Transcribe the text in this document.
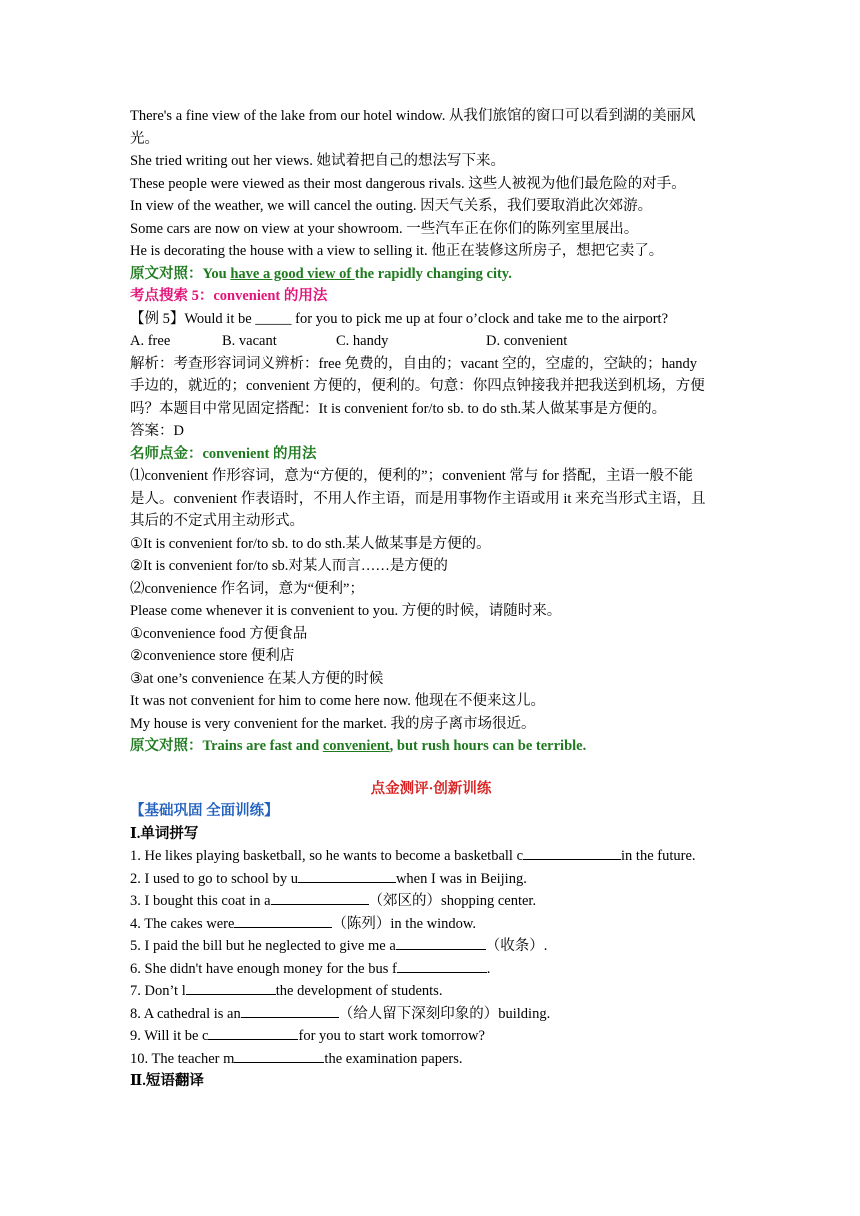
There's a fine view of the lake from our hotel window. 从我们旅馆的窗口可以看到湖的美丽风
光。
She tried writing out her views. 她试着把自己的想法写下来。
These people were viewed as their most dangerous rivals. 这些人被视为他们最危险的对手。
In view of the weather, we will cancel the outing. 因天气关系，我们要取消此次郊游。
Some cars are now on view at your showroom. 一些汽车正在你们的陈列室里展出。
He is decorating the house with a view to selling it. 他正在装修这所房子，想把它卖了。
原文对照：You have a good view of the rapidly changing city.
考点搜索 5：convenient 的用法
【例 5】Would it be _____ for you to pick me up at four o’clock and take me to the airport?
A. free	B. vacant	C. handy	D. convenient
解析：考查形容词词义辨析：free 免费的，自由的；vacant 空的，空虚的，空缺的；handy
手边的，就近的；convenient 方便的，便利的。句意：你四点钟接我并把我送到机场，方便
吗？本题目中常见固定搭配：It is convenient for/to sb. to do sth.某人做某事是方便的。
答案：D
名师点金：convenient 的用法
⑴convenient 作形容词，意为“方便的，便利的”；convenient 常与 for 搭配，主语一般不能
是人。convenient 作表语时，不用人作主语，而是用事物作主语或用 it 来充当形式主语，且
其后的不定式用主动形式。
①It is convenient for/to sb. to do sth.某人做某事是方便的。
②It is convenient for/to sb.对某人而言……是方便的
⑵convenience 作名词，意为“便利”；
Please come whenever it is convenient to you. 方便的时候，请随时来。
①convenience food 方便食品
②convenience store 便利店
③at one’s convenience 在某人方便的时候
It was not convenient for him to come here now. 他现在不便来这儿。
My house is very convenient for the market. 我的房子离市场很近。
原文对照：Trains are fast and convenient, but rush hours can be terrible.
点金测评·创新训练
【基础巩固 全面训练】
Ⅰ.单词拼写
1. He likes playing basketball, so he wants to become a basketball c	in the future.
2. I used to go to school by u	when I was in Beijing.
3. I bought this coat in a	（郊区的）shopping center.
4. The cakes were	（陈列）in the window.
5. I paid the bill but he neglected to give me a	（收条）.
6. She didn't have enough money for the bus f	.
7. Don’t l	the development of students.
8. A cathedral is an	（给人留下深刻印象的）building.
9. Will it be c	for you to start work tomorrow?
10. The teacher m	the examination papers.
Ⅱ.短语翻译
